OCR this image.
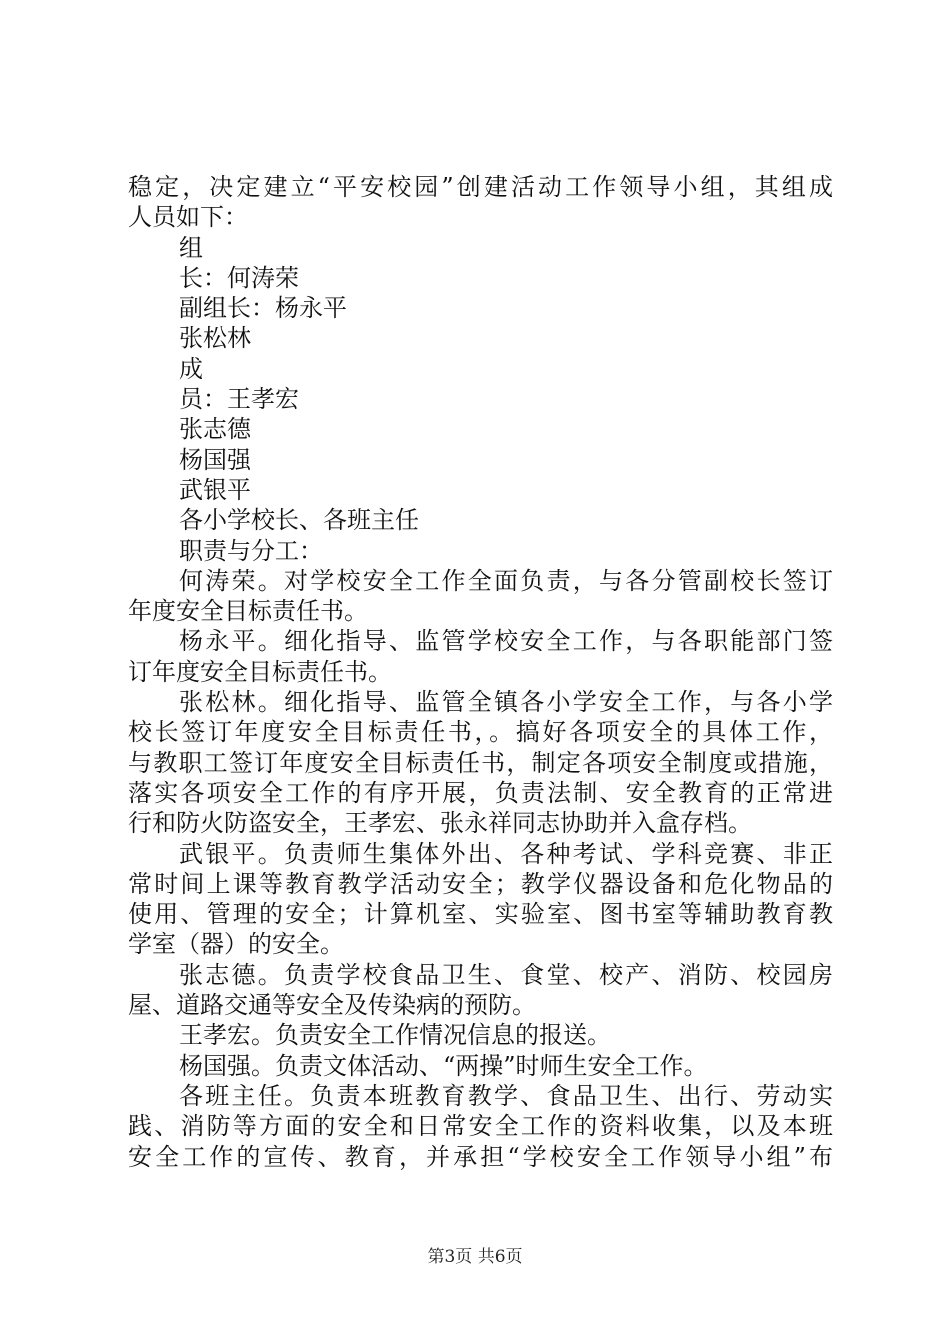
稳定，决定建立“平安校园”创建活动工作领导小组，其组成
人员如下：
组
长：何涛荣
副组长：杨永平
张松林
成
员：王孝宏
张志德
杨国强
武银平
各小学校长、各班主任
职责与分工：
何涛荣。对学校安全工作全面负责，与各分管副校长签订
年度安全目标责任书。
杨永平。细化指导、监管学校安全工作，与各职能部门签
订年度安全目标责任书。
张松林。细化指导、监管全镇各小学安全工作，与各小学
校长签订年度安全目标责任书，。搞好各项安全的具体工作，
与教职工签订年度安全目标责任书，制定各项安全制度或措施，
落实各项安全工作的有序开展，负责法制、安全教育的正常进
行和防火防盗安全，王孝宏、张永祥同志协助并入盒存档。
武银平。负责师生集体外出、各种考试、学科竞赛、非正
常时间上课等教育教学活动安全；教学仪器设备和危化物品的
使用、管理的安全；计算机室、实验室、图书室等辅助教育教
学室（器）的安全。
张志德。负责学校食品卫生、食堂、校产、消防、校园房
屋、道路交通等安全及传染病的预防。
王孝宏。负责安全工作情况信息的报送。
杨国强。负责文体活动、“两操”时师生安全工作。
各班主任。负责本班教育教学、食品卫生、出行、劳动实
践、消防等方面的安全和日常安全工作的资料收集，以及本班
安全工作的宣传、教育，并承担“学校安全工作领导小组”布
第3页 共6页
